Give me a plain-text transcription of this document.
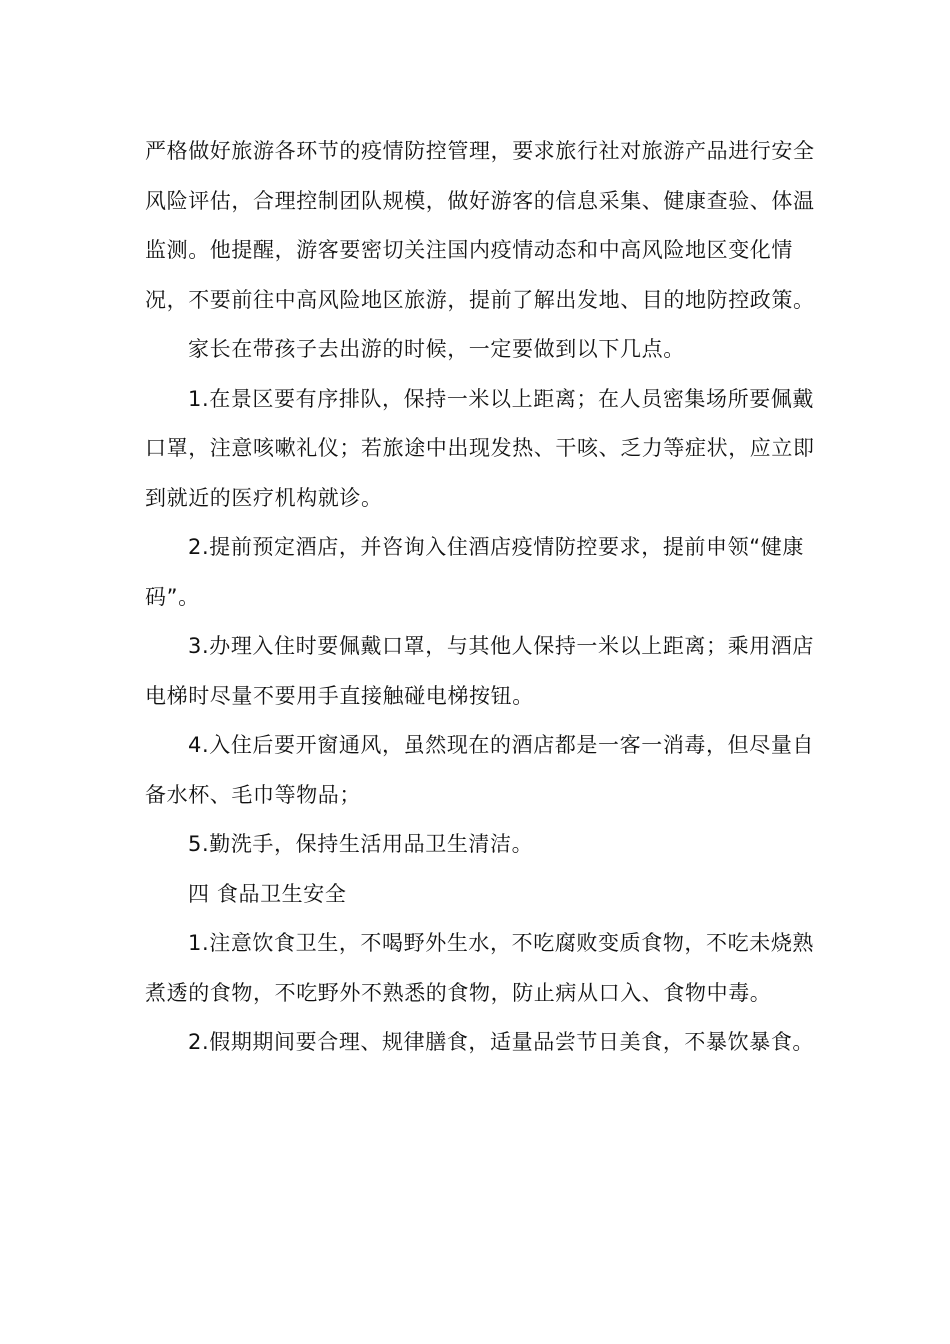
严格做好旅游各环节的疫情防控管理，要求旅行社对旅游产品进行安全风险评估，合理控制团队规模，做好游客的信息采集、健康查验、体温监测。他提醒，游客要密切关注国内疫情动态和中高风险地区变化情况，不要前往中高风险地区旅游，提前了解出发地、目的地防控政策。

家长在带孩子去出游的时候，一定要做到以下几点。

1.在景区要有序排队，保持一米以上距离；在人员密集场所要佩戴口罩，注意咳嗽礼仪；若旅途中出现发热、干咳、乏力等症状，应立即到就近的医疗机构就诊。

2.提前预定酒店，并咨询入住酒店疫情防控要求，提前申领“健康码”。

3.办理入住时要佩戴口罩，与其他人保持一米以上距离；乘用酒店电梯时尽量不要用手直接触碰电梯按钮。

4.入住后要开窗通风，虽然现在的酒店都是一客一消毒，但尽量自备水杯、毛巾等物品；

5.勤洗手，保持生活用品卫生清洁。

四 食品卫生安全

1.注意饮食卫生，不喝野外生水，不吃腐败变质食物，不吃未烧熟煮透的食物，不吃野外不熟悉的食物，防止病从口入、食物中毒。

2.假期期间要合理、规律膳食，适量品尝节日美食，不暴饮暴食。
